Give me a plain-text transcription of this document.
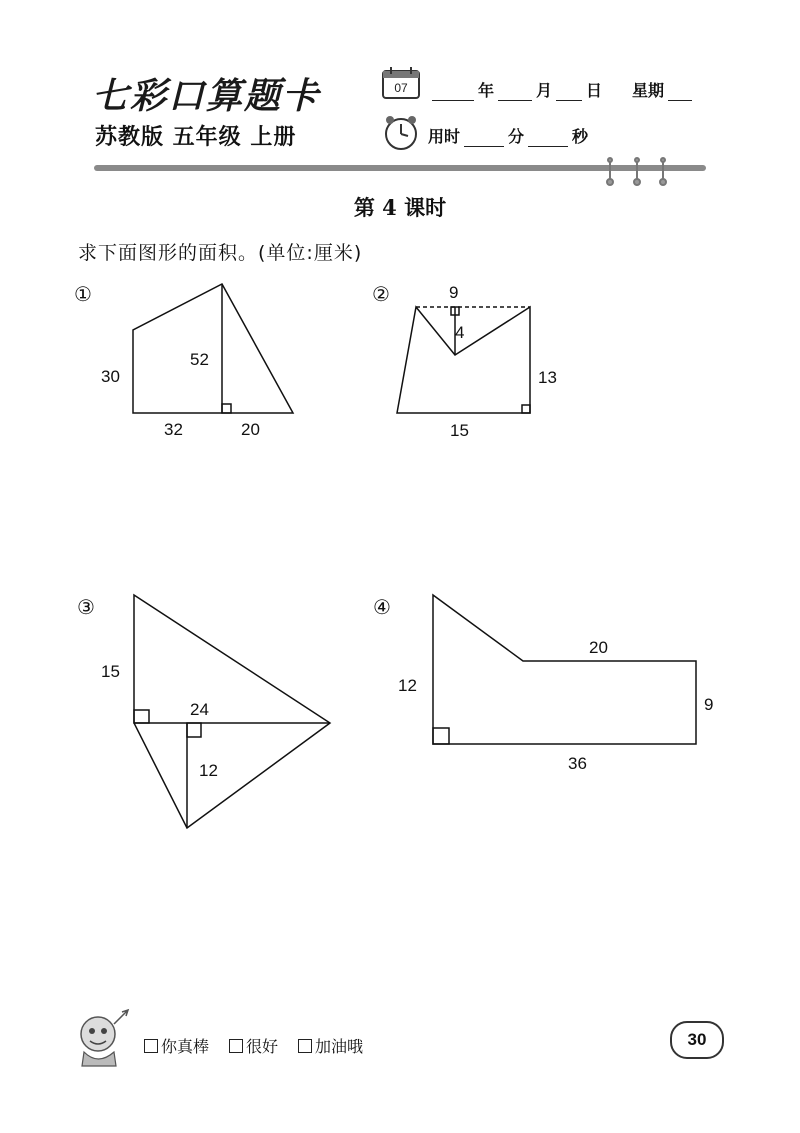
七彩口算题卡
苏教版 五年级 上册
07	年	月 日 星期
用时	分	秒
第 4 课时
求下面图形的面积。(单位:厘米)
①
30
52
32	20
②	9
4
13
15
③
15
24
12
④
20
12
9
36
你真棒 很好 加油哦	30
